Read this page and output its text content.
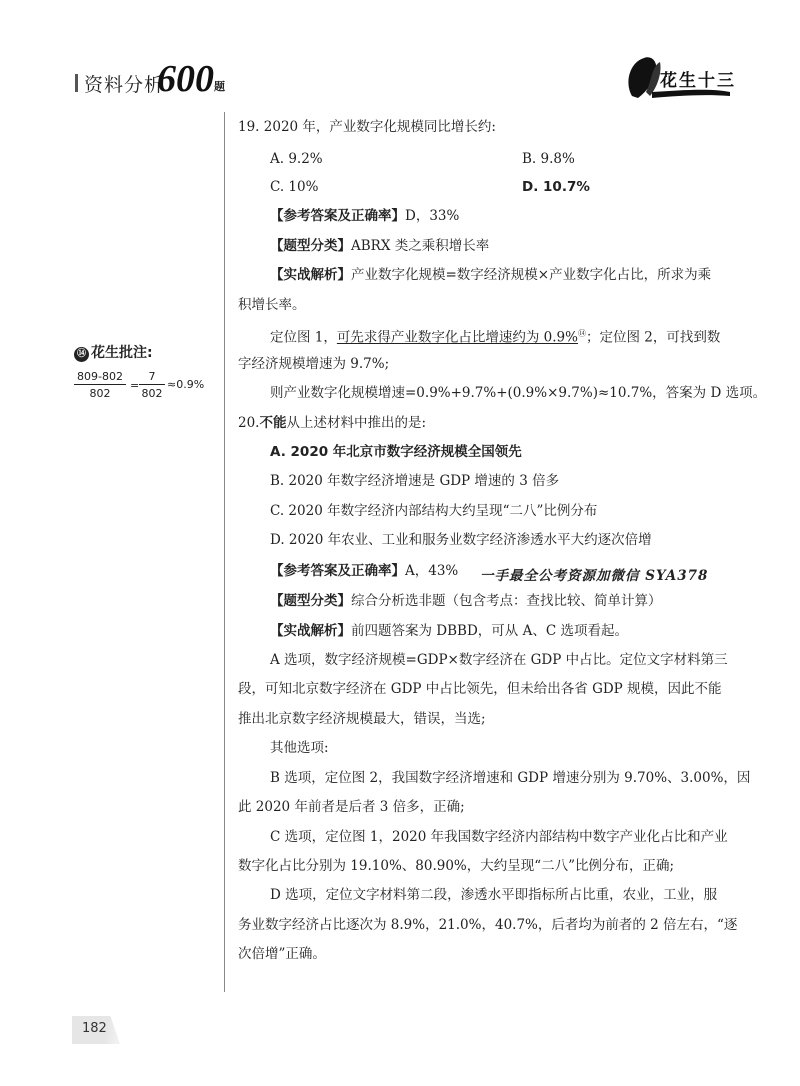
资料分析
600 题	花生十三
⑭ 花生批注:
$\frac{809-802}{802} = \frac{7}{802} \approx 0.9\%$
19. 2020 年，产业数字化规模同比增长约:
A. 9.2%	B. 9.8%
C. 10%	D. 10.7%
【参考答案及正确率】D，33%
【题型分类】ABRX 类之乘积增长率
【实战解析】产业数字化规模=数字经济规模×产业数字化占比，所求为乘
积增长率。
定位图 1，可先求得产业数字化占比增速约为 0.9%⑭；定位图 2，可找到数
字经济规模增速为 9.7%;
则产业数字化规模增速=0.9%+9.7%+(0.9%×9.7%)≈10.7%，答案为 D 选项。
20.不能从上述材料中推出的是:
A. 2020 年北京市数字经济规模全国领先
B. 2020 年数字经济增速是 GDP 增速的 3 倍多
C. 2020 年数字经济内部结构大约呈现“二八”比例分布
D. 2020 年农业、工业和服务业数字经济渗透水平大约逐次倍增
【参考答案及正确率】A，43% 一手最全公考资源加微信 SYA378
【题型分类】综合分析选非题（包含考点：查找比较、简单计算）
【实战解析】前四题答案为 DBBD，可从 A、C 选项看起。
A 选项，数字经济规模=GDP×数字经济在 GDP 中占比。定位文字材料第三
段，可知北京数字经济在 GDP 中占比领先，但未给出各省 GDP 规模，因此不能
推出北京数字经济规模最大，错误，当选;
其他选项:
B 选项，定位图 2，我国数字经济增速和 GDP 增速分别为 9.70%、3.00%，因
此 2020 年前者是后者 3 倍多，正确;
C 选项，定位图 1，2020 年我国数字经济内部结构中数字产业化占比和产业
数字化占比分别为 19.10%、80.90%，大约呈现“二八”比例分布，正确;
D 选项，定位文字材料第二段，渗透水平即指标所占比重，农业，工业，服
务业数字经济占比逐次为 8.9%，21.0%，40.7%，后者均为前者的 2 倍左右，“逐
次倍增”正确。
182
